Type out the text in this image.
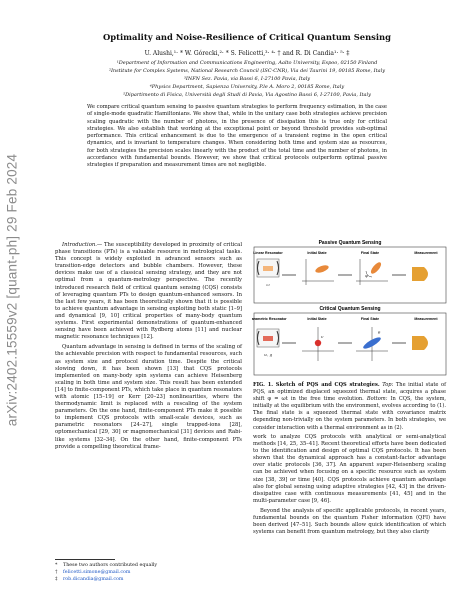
arXiv:2402.15559v2 [quant-ph] 29 Feb 2024
Optimality and Noise-Resilience of Critical Quantum Sensing
U. Alushi,¹· * W. Górecki,²· * S. Felicetti,³· ⁴· † and R. Di Candia¹· ⁵· ‡
¹Department of Information and Communications Engineering, Aalto University, Espoo, 02150 Finland
²Institute for Complex Systems, National Research Council (ISC-CNR), Via dei Taurini 19, 00185 Rome, Italy
³INFN Sez. Pavia, via Bassi 6, I-27100 Pavia, Italy
⁴Physics Department, Sapienza University, P.le A. Moro 2, 00185 Rome, Italy
⁵Dipartimento di Fisica, Università degli Studi di Pavia, Via Agostino Bassi 6, I-27100, Pavia, Italy
We compare critical quantum sensing to passive quantum strategies to perform frequency estimation, in the case of single-mode quadratic Hamiltonians. We show that, while in the unitary case both strategies achieve precision scaling quadratic with the number of photons, in the presence of dissipation this is true only for critical strategies. We also establish that working at the exceptional point or beyond threshold provides sub-optimal performance. This critical enhancement is due to the emergence of a transient regime in the open critical dynamics, and is invariant to temperature changes. When considering both time and system size as resources, for both strategies the precision scales linearly with the product of the total time and the number of photons, in accordance with fundamental bounds. However, we show that critical protocols outperform optimal passive strategies if preparation and measurement times are not negligible.

Introduction.— The susceptibility developed in proximity of critical phase transitions (PTs) is a valuable resource in metrological tasks. This concept is widely exploited in advanced sensors such as transition-edge detectors and bubble chambers. However, these devices make use of a classical sensing strategy, and they are not optimal from a quantum-metrology perspective. The recently introduced research field of critical quantum sensing (CQS) consists of leveraging quantum PTs to design quantum-enhanced sensors. In the last few years, it has been theoretically shown that it is possible to achieve quantum advantage in sensing exploiting both static [1–9] and dynamical [9, 10] critical properties of many-body quantum systems. First experimental demonstrations of quantum-enhanced sensing have been achieved with Rydberg atoms [11] and nuclear magnetic resonance techniques [12].

Quantum advantage in sensing is defined in terms of the scaling of the achievable precision with respect to fundamental resources, such as system size and protocol duration time. Despite the critical slowing down, it has been shown [13] that CQS protocols implemented on many-body spin systems can achieve Heisenberg scaling in both time and system size. This result has been extended [14] to finite-component PTs, which take place in quantum resonators with atomic [15–19] or Kerr [20–23] nonlinearities, where the thermodynamic limit is replaced with a rescaling of the system parameters. On the one hand, finite-component PTs make it possible to implement CQS protocols with small-scale devices, such as parametric resonators [24–27], single trapped-ions [28], optomechanical [29, 30] or magnomechanical [31] devices and Rabi-like systems [32–34]. On the other hand, finite-component PTs provide a compelling theoretical frame-

* These two authors contributed equally
† felicetti.simone@gmail.com
‡ rob.dicandia@gmail.com
Passive Quantum Sensing
Linear Resonator	Initial State	Final State	Measurement
ω
φ
Critical Quantum Sensing
Parametric Resonator	Initial State	Final State	Measurement
ω, g
ν
θ
FIG. 1. Sketch of PQS and CQS strategies. Top: The initial state of PQS, an optimized displaced squeezed thermal state, acquires a phase shift φ = ωt in the free time evolution. Bottom: In CQS, the system, initially at the equilibrium with the environment, evolves according to (1). The final state is a squeezed thermal state with covariance matrix depending non-trivially on the system parameters. In both strategies, we consider interaction with a thermal environment as in (2).

work to analyze CQS protocols with analytical or semi-analytical methods [14, 25, 35–41]. Recent theoretical efforts have been dedicated to the identification and design of optimal CQS protocols. It has been shown that the dynamical approach has a constant-factor advantage over static protocols [36, 37]. An apparent super-Heisenberg scaling can be achieved when focusing on a specific resource such as system size [38, 39] or time [40]. CQS protocols achieve quantum advantage also for global sensing using adaptive strategies [42, 43] in the driven-dissipative case with continuous measurements [41, 45] and in the multi-parameter case [9, 46].

Beyond the analysis of specific applicable protocols, in recent years, fundamental bounds on the quantum Fisher information (QFI) have been derived [47–51]. Such bounds allow quick identification of which systems can benefit from quantum metrology, but they also clarify
